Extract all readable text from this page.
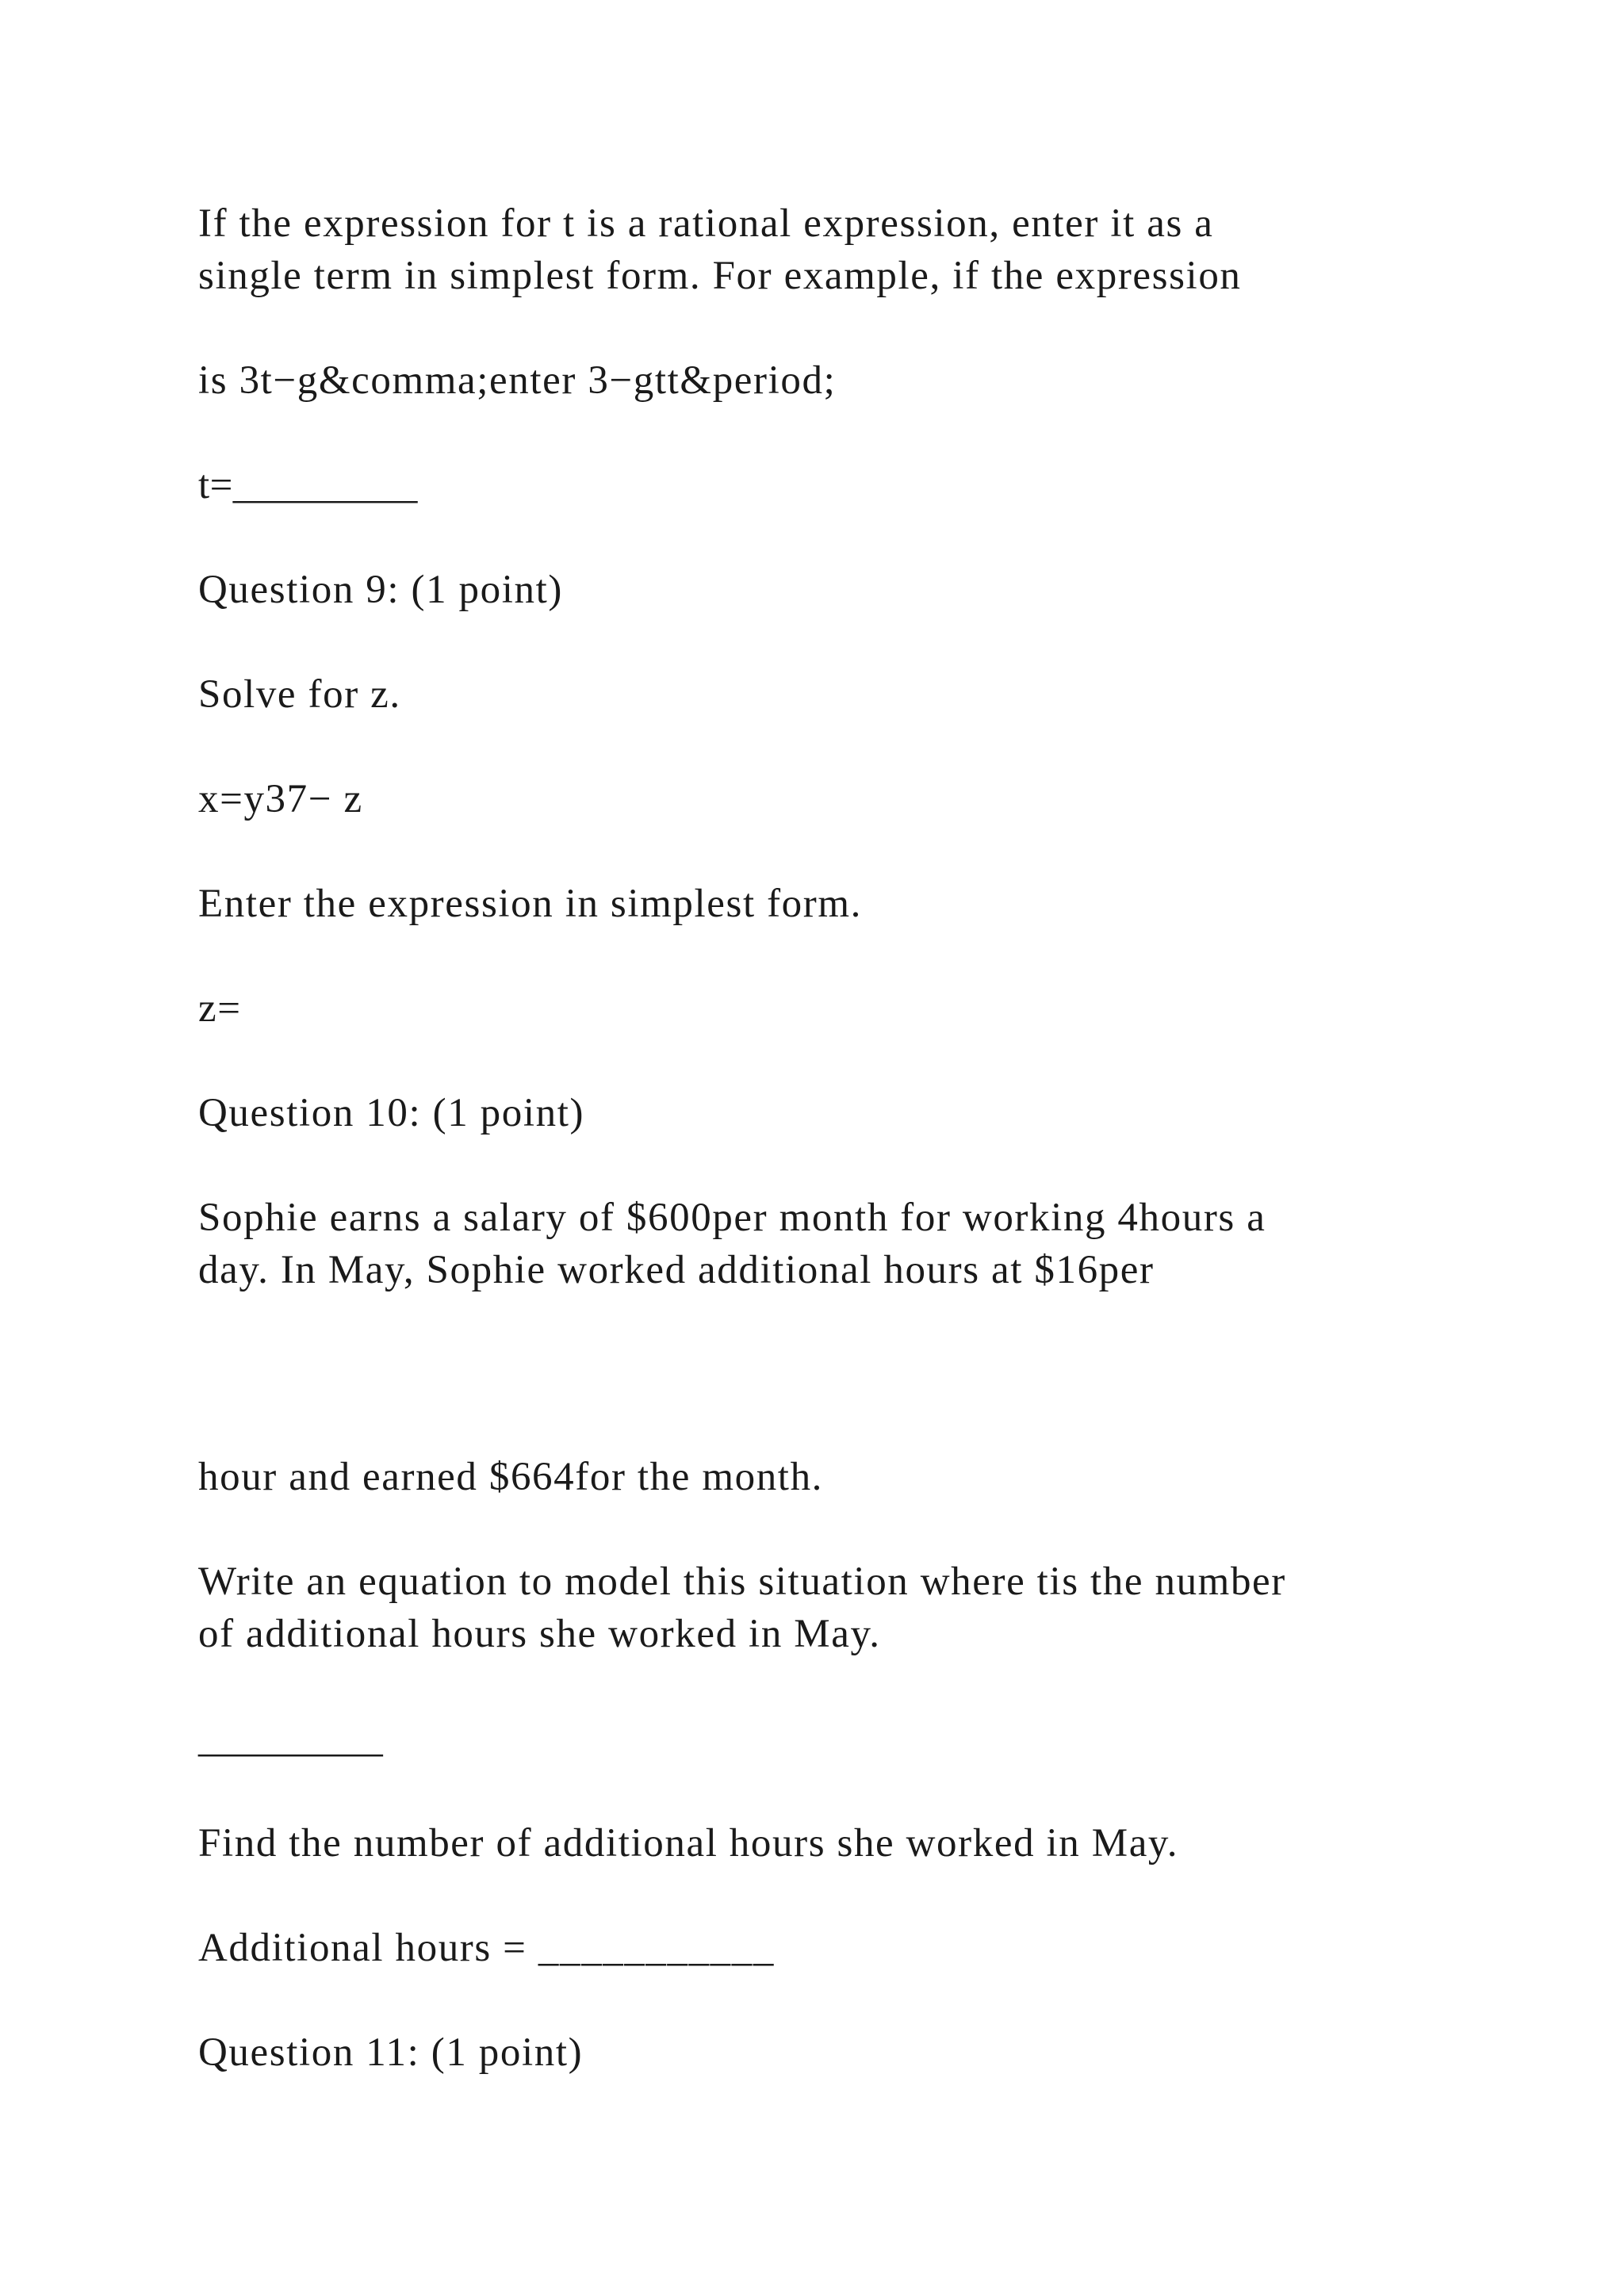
If the expression for t is a rational expression, enter it as a
single term in simplest form. For example, if the expression
is 3t−g&comma;enter 3−gtt&period;
t=_________
Question 9: (1 point)
Solve for z.
x=y37− z
Enter the expression in simplest form.
z=
Question 10: (1 point)
Sophie earns a salary of $600per month for working 4hours a
day. In May, Sophie worked additional hours at $16per
hour and earned $664for the month.
Write an equation to model this situation where tis the number
of additional hours she worked in May.
_________
Find the number of additional hours she worked in May.
Additional hours = ___________
Question 11: (1 point)
